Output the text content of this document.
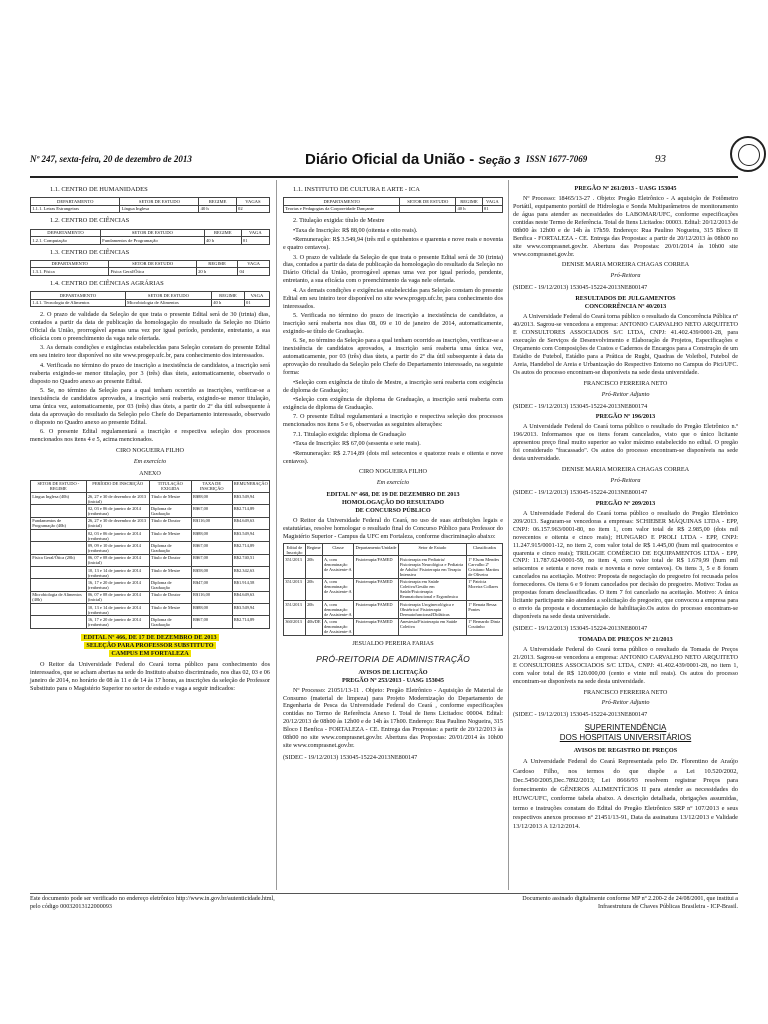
Nº 247, sexta-feira, 20 de dezembro de 2013	Diário Oficial da União - Seção 3 ISSN 1677-7069	93
1.1. CENTRO DE HUMANIDADES
DEPARTAMENTO	SETOR DE ESTUDO	REGIME	VAGAS
1.1.1. Letras Estrangeiras	Língua Inglesa	40 h	02
1.2. CENTRO DE CIÊNCIAS
DEPARTAMENTO	SETOR DE ESTUDO	REGIME	VAGA
1.2.1. Computação	Fundamentos de Programação	40 h	01
1.3. CENTRO DE CIÊNCIAS
DEPARTAMENTO	SETOR DE ESTUDO	REGIME	VAGA
1.3.1. Física	Física Geral/Ótica	20 h	04
1.4. CENTRO DE CIÊNCIAS AGRÁRIAS
DEPARTAMENTO	SETOR DE ESTUDO	REGIME	VAGA
1.4.1. Tecnologia de Alimentos	Microbiologia de Alimentos	40 h	01

2. O prazo de validade da Seleção de que trata o presente Edital será de 30 (trinta) dias, contados a partir da data de publicação da homologação do resultado da Seleção no Diário Oficial da União, prorrogável apenas uma vez por igual período, pendente, entretanto, a sua eficácia com o preenchimento da vaga nele ofertada.

3. As demais condições e exigências estabelecidas para Seleção constam do presente Edital em seu inteiro teor disponível no site www.progep.ufc.br, para conhecimento dos interessados.

4. Verificada no término do prazo de inscrição a inexistência de candidatos, a inscrição será reaberta exigindo-se menor titulação, por 3 (três) dias úteis, automaticamente, observado o disposto no Quadro anexo ao presente Edital.

5. Se, no término da Seleção para a qual tenham ocorrido as inscrições, verificar-se a inexistência de candidatos aprovados, a inscrição será reaberta, exigindo-se menor titulação, uma única vez, automaticamente, por 03 (três) dias úteis, a partir do 2º dia útil subsequente à data da aprovação do resultado da Seleção pelo Chefe do Departamento interessado, observado o disposto no Quadro anexo ao presente Edital.

6. O presente Edital regulamentará a inscrição e respectiva seleção dos processos mencionados nos itens 4 e 5, acima mencionados.

CIRO NOGUEIRA FILHO
Em exercício
ANEXO
SETOR DE ESTUDO - REGIME	PERÍODO DE INSCRIÇÃO	TITULAÇÃO EXIGIDA	TAXA DE INSCRIÇÃO	REMUNERAÇÃO
Língua Inglesa (40h)	26, 27 e 30 de dezembro de 2013 (inicial)	Título de Mestre	R$88,00	R$3.549,94
	02, 03 e 06 de janeiro de 2014 (reabertura)	Diploma de Graduação	R$67,00	R$2.714,89
Fundamentos de Programação (40h)	26, 27 e 30 de dezembro de 2013 (inicial)	Título de Doutor	R$116,00	R$4.649,63
	02, 03 e 06 de janeiro de 2014 (reabertura)	Título de Mestre	R$88,00	R$3.549,94
	09, 09 e 10 de janeiro de 2014 (reabertura)	Diploma de Graduação	R$67,00	R$2.714,89
Física Geral/Ótica (20h)	06, 07 e 08 de janeiro de 2014 (inicial)	Título de Doutor	R$67,00	R$2.740,51
	10, 13 e 14 de janeiro de 2014 (reabertura)	Título de Mestre	R$58,00	R$2.342,63
	16, 17 e 20 de janeiro de 2014 (reabertura)	Diploma de Graduação	R$47,00	R$1.914,58
Microbiologia de Alimentos (40h)	06, 07 e 08 de janeiro de 2014 (inicial)	Título de Doutor	R$116,00	R$4.649,63
	10, 13 e 14 de janeiro de 2014 (reabertura)	Título de Mestre	R$88,00	R$3.549,94
	16, 17 e 20 de janeiro de 2014 (reabertura)	Diploma de Graduação	R$67,00	R$2.714,89
EDITAL Nº 466, DE 17 DE DEZEMBRO DE 2013
SELEÇÃO PARA PROFESSOR SUBSTITUTO
CAMPUS EM FORTALEZA

O Reitor da Universidade Federal do Ceará torna público para conhecimento dos interessados, que se acham abertas na sede do Instituto abaixo discriminado, nos dias 02, 03 e 06 janeiro de 2014, no horário de 08 às 11 e de 14 às 17 horas, as inscrições da seleção de Professor Substituto para o Magistério Superior no setor de estudo e vaga a seguir indicados:

1.1. INSTITUTO DE CULTURA E ARTE - ICA
DEPARTAMENTO	SETOR DE ESTUDO	REGIME	VAGA
Teorias e Pedagogias da Corporeidade Dançante		40 h	01

2. Titulação exigida: título de Mestre

•Taxa de Inscrição: R$ 88,00 (oitenta e oito reais).

•Remuneração: R$ 3.549,94 (três mil e quinhentos e quarenta e nove reais e noventa e quatro centavos).

3. O prazo de validade da Seleção de que trata o presente Edital será de 30 (trinta) dias, contados a partir da data de publicação da homologação do resultado da Seleção no Diário Oficial da União, prorrogável apenas uma vez por igual período, pendente, entretanto, a sua eficácia com o preenchimento da vaga nele ofertada.

4. As demais condições e exigências estabelecidas para Seleção constam do presente Edital em seu inteiro teor disponível no site www.progep.ufc.br, para conhecimento dos interessados.

5. Verificada no término do prazo de inscrição a inexistência de candidatos, a inscrição será reaberta nos dias 08, 09 e 10 de janeiro de 2014, automaticamente, exigindo-se título de Graduação.

6. Se, no término da Seleção para a qual tenham ocorrido as inscrições, verificar-se a inexistência de candidatos aprovados, a inscrição será reaberta uma única vez, automaticamente, por 03 (três) dias úteis, a partir do 2º dia útil subsequente à data da aprovação do resultado da Seleção pelo Chefe do Departamento interessado, na seguinte forma:

•Seleção com exigência de título de Mestre, a inscrição será reaberta com exigência de diploma de Graduação;

•Seleção com exigência de diploma de Graduação, a inscrição será reaberta com exigência de diploma de Graduação.

7. O presente Edital regulamentará a inscrição e respectiva seleção dos processos mencionados nos itens 5 e 6, observadas as seguintes alterações:

7.1. Titulação exigida: diploma de Graduação

•Taxa de Inscrição: R$ 67,00 (sessenta e sete reais).

•Remuneração: R$ 2.714,89 (dois mil setecentos e quatorze reais e oitenta e nove centavos).

CIRO NOGUEIRA FILHO
Em exercício
EDITAL Nº 468, DE 19 DE DEZEMBRO DE 2013
HOMOLOGAÇÃO DO RESULTADO
DE CONCURSO PÚBLICO

O Reitor da Universidade Federal do Ceará, no uso de suas atribuições legais e estatutárias, resolve homologar o resultado final do Concurso Público para Professor do Magistério Superior - Campus da UFC em Fortaleza, conforme discriminação abaixo:

Edital de Inscrição	Regime	Classe	Departamento/Unidade	Setor de Estudo	Classificados
351/2013	20h	A, com denominação de Assistente-A	Fisioterapia/FAMED	Fisioterapia em Pediatria/ Fisioterapia Neurológica e Pediatria de Adulto/ Fisioterapia em Terapia Intensiva	1º Elsom Mendes Carvalho 2º Cristiano Martins de Oliveira
351/2013	20h	A, com denominação de Assistente-A	Fisioterapia/FAMED	Fisioterapia em Saúde Coletiva/Gestão em Saúde/Fisioterapia Reumatofuncional e Ergonômica	1º Patrícia Moreira Collares
351/2013	20h	A, com denominação de Assistente-A	Fisioterapia/FAMED	Fisioterapia Uroginecológica e Obstétrica/ Fisioterapia Dermatofuncional/Didáticas	1º Renata Bessa Pontes
360/2013	40h/DE	A, com denominação de Assistente-A	Fisioterapia/FAMED	Anestesia/Fisioterapia em Saúde Coletiva	1º Bernardo Diniz Coutinho
JESUALDO PEREIRA FARIAS
PRÓ-REITORIA DE ADMINISTRAÇÃO
AVISOS DE LICITAÇÃO
PREGÃO Nº 253/2013 - UASG 153045

Nº Processo: 21051/13-11 . Objeto: Pregão Eletrônico - Aquisição de Material de Consumo (material de limpeza) para Projeto Modernização do Departamento de Engenharia de Pesca da Universidade Federal do Ceará , conforme especificações contidas no Termo de Referência Anexo I. Total de Itens Licitados: 00004. Edital: 20/12/2013 de 08h00 às 12h00 e de 14h às 17h00. Endereço: Rua Paulino Nogueira, 315 Bloco I Benfica - FORTALEZA - CE. Entrega das Propostas: a partir de 20/12/2013 às 08h00 no site www.comprasnet.gov.br. Abertura das Propostas: 20/01/2014 às 10h00 site www.comprasnet.gov.br.

(SIDEC - 19/12/2013) 153045-15224-2013NE800147

PREGÃO Nº 261/2013 - UASG 153045

Nº Processo: 18465/13-27 . Objeto: Pregão Eletrônico - A aquisição de Fotômetro Portátil, equipamento portátil de Hidrologia e Sonda Multiparâmetros de monitoramento de água para atender as necessidades do LABOMAR/UFC, conforme especificações contidas neste Termo de Referência. Total de Itens Licitados: 00003. Edital: 20/12/2013 de 08h00 às 12h00 e de 14h às 17h59. Endereço: Rua Paulino Nogueira, 315 Bloco II Benfica - FORTALEZA - CE. Entrega das Propostas: a partir de 20/12/2013 às 08h00 no site www.comprasnet.gov.br. Abertura das Propostas: 20/01/2014 às 10h00 site www.comprasnet.gov.br.

DENISE MARIA MOREIRA CHAGAS CORREA
Pró-Reitora

(SIDEC - 19/12/2013) 153045-15224-2013NE800147

RESULTADOS DE JULGAMENTOS
CONCORRÊNCIA Nº 40/2013

A Universidade Federal do Ceará torna público o resultado da Concorrência Pública nº 40/2013. Sagrou-se vencedora a empresa: ANTONIO CARVALHO NETO ARQUITETO E CONSULTORES ASSOCIADOS S/C LTDA, CNPJ: 41.402.439/0001-28, para execução de Serviços de Desenvolvimento e Elaboração de Projetos, Especificações e Orçamento com Composições de Custos e Cadernos de Encargos para a Construção de um Estádio de Futebol, Estádio para a Prática de Rugbi, Quadras de Voleibol, Futebol de Areia, Handebol de Areia e Urbanização do Respectivo Entorno no Campus do Pici/UFC. Os autos do processo encontram-se disponíveis na sede desta universidade.

FRANCISCO FERREIRA NETO
Pró-Reitor Adjunto

(SIDEC - 19/12/2013) 153045-15224-2013NE800174

PREGÃO Nº 196/2013

A Universidade Federal do Ceará torna público o resultado do Pregão Eletrônico n.º 196/2013. Informamos que os itens foram cancelados, visto que o único licitante apresentou preço final muito superior ao valor máximo estabelecido no edital. O pregão foi considerado "fracassado". Os autos do processo encontram-se disponíveis na sede desta universidade.

DENISE MARIA MOREIRA CHAGAS CORREA
Pró-Reitora

(SIDEC - 19/12/2013) 153045-15224-2013NE800147

PREGÃO Nº 209/2013

A Universidade Federal do Ceará torna público o resultado do Pregão Eletrônico 209/2013. Sagraram-se vencedoras a empresas: SCHIEBER MÁQUINAS LTDA - EPP, CNPJ: 06.157.963/0001-80, no item 1, com valor total de R$ 2.985,00 (dois mil novecentos e oitenta e cinco reais); HUNGARO E PROLI LTDA - EPP, CNPJ: 11.247.915/0001-12, no item 2, com valor total de R$ 1.445,00 (hum mil quatrocentos e quarenta e cinco reais); TRILOGIE COMÉRCIO DE EQUIPAMENTOS LTDA - EPP, CNPJ: 11.787.624/0001-59, no item 4, com valor total de R$ 1.679,99 (hum mil seiscentos e setenta e nove reais e noventa e nove centavos). Os itens 3, 5 e 8 foram cancelados na aceitação. Motivo: Proposta de negociação do pregoeiro foi recusada pelos fornecedores. Os itens 6 e 9 foram cancelados por decisão do pregoeiro. Motivo: Todas as propostas foram desclassificadas. O item 7 foi cancelado na aceitação. Motivo: A única licitante participante não atendeu a solicitação do pregoeiro, que convocou a empresa para o envio da proposta e documentação de habilitação.Os autos do processo encontram-se disponíveis na sede desta universidade.

(SIDEC - 19/12/2013) 153045-15224-2013NE800147

TOMADA DE PREÇOS Nº 21/2013

A Universidade Federal do Ceará torna público o resultado da Tomada de Preços 21/2013. Sagrou-se vencedora a empresa: ANTONIO CARVALHO NETO ARQUITETO E CONSULTORES ASSOCIADOS S/C LTDA, CNPJ: 41.402.439/0001-28, no item 1, com valor total de R$ 120.000,00 (cento e vinte mil reais). Os autos do processo encontram-se disponíveis na sede desta universidade.

FRANCISCO FERREIRA NETO
Pró-Reitor Adjunto

(SIDEC - 19/12/2013) 153045-15224-2013NE800147

SUPERINTENDÊNCIA
DOS HOSPITAIS UNIVERSITÁRIOS
AVISOS DE REGISTRO DE PREÇOS

A Universidade Federal do Ceará Representada pelo Dr. Florentino de Araújo Cardoso Filho, nos termos do que dispõe a Lei 10.520/2002, Dec.5450/2005,Dec.7892/2013; Lei 8666/93 resolvem registrar Preços para fornecimento de GÊNEROS ALIMENTÍCIOS II para atender as necessidades do HUWC/UFC, conforme tabela abaixo. A descrição detalhada, obrigações assumidas, termo e instruções constam do Edital do Pregão Eletrônico SRP nº 107/2013 e seus respectivos anexos processo nº 21451/13-91, Data da assinatura 13/12/2013 e Validade 13/12/2013 A 12/12/2014.

Este documento pode ser verificado no endereço eletrônico http://www.in.gov.br/autenticidade.html,
pelo código 00032013122000093
Documento assinado digitalmente conforme MP nº 2.200-2 de 24/08/2001, que institui a
Infraestrutura de Chaves Públicas Brasileira - ICP-Brasil.
